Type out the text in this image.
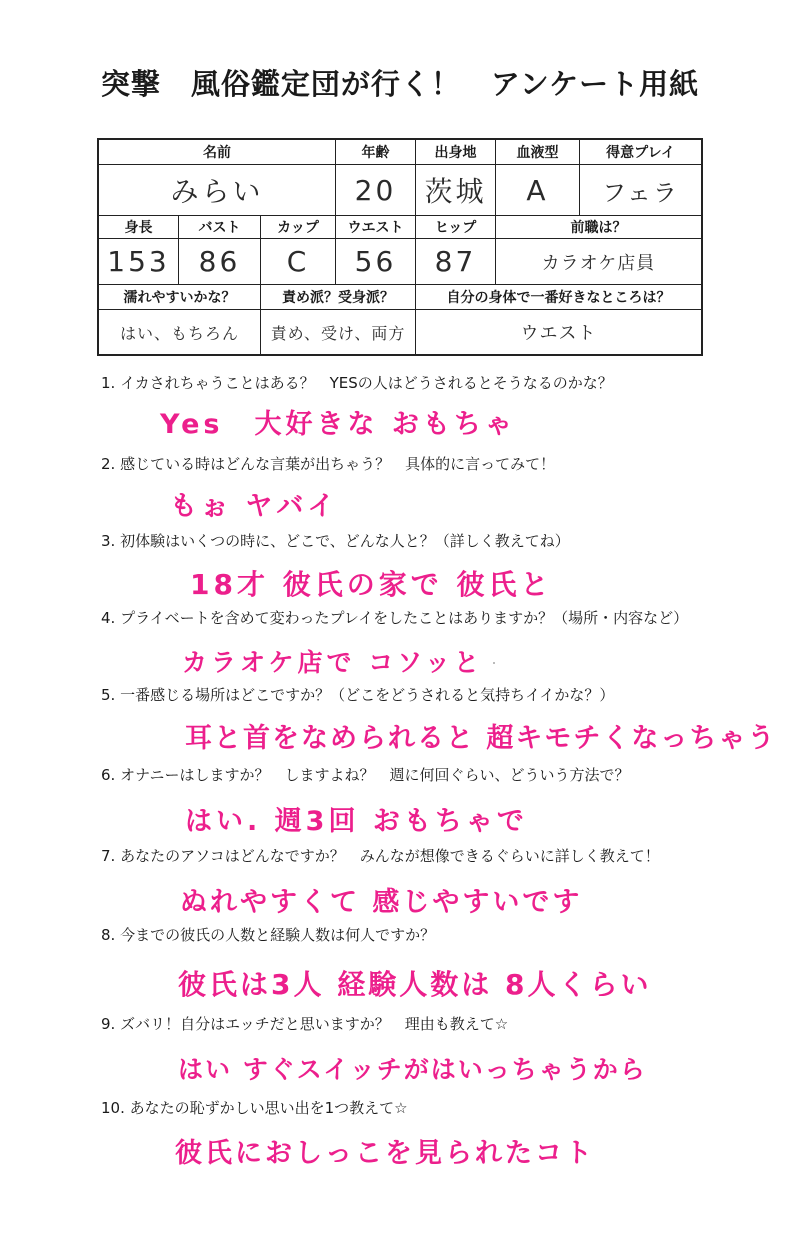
突撃　風俗鑑定団が行く！　アンケート用紙
名前	年齢	出身地	血液型	得意プレイ
みらい	20	茨城	A	フェラ
身長	バスト	カップ	ウエスト	ヒップ	前職は？
153	86	C	56	87	カラオケ店員
濡れやすいかな？	責め派？受身派？	自分の身体で一番好きなところは？
はい、もちろん	責め、受け、両方	ウエスト
1. イカされちゃうことはある？　YESの人はどうされるとそうなるのかな？
Yes　大好きな おもちゃ
2. 感じている時はどんな言葉が出ちゃう？　具体的に言ってみて！
もぉ ヤバイ
3. 初体験はいくつの時に、どこで、どんな人と？（詳しく教えてね）
18才 彼氏の家で 彼氏と
4. プライベートを含めて変わったプレイをしたことはありますか？（場所・内容など）
カラオケ店で コソッと
5. 一番感じる場所はどこですか？（どこをどうされると気持ちイイかな？）
耳と首をなめられると 超キモチくなっちゃう
6. オナニーはしますか？　しますよね？　週に何回ぐらい、どういう方法で？
はい. 週3回 おもちゃで
7. あなたのアソコはどんなですか？　みんなが想像できるぐらいに詳しく教えて！
ぬれやすくて 感じやすいです
8. 今までの彼氏の人数と経験人数は何人ですか？
彼氏は3人 経験人数は 8人くらい
9. ズバリ！自分はエッチだと思いますか？　理由も教えて☆
はい すぐスイッチがはいっちゃうから
10. あなたの恥ずかしい思い出を1つ教えて☆
彼氏におしっこを見られたコト
